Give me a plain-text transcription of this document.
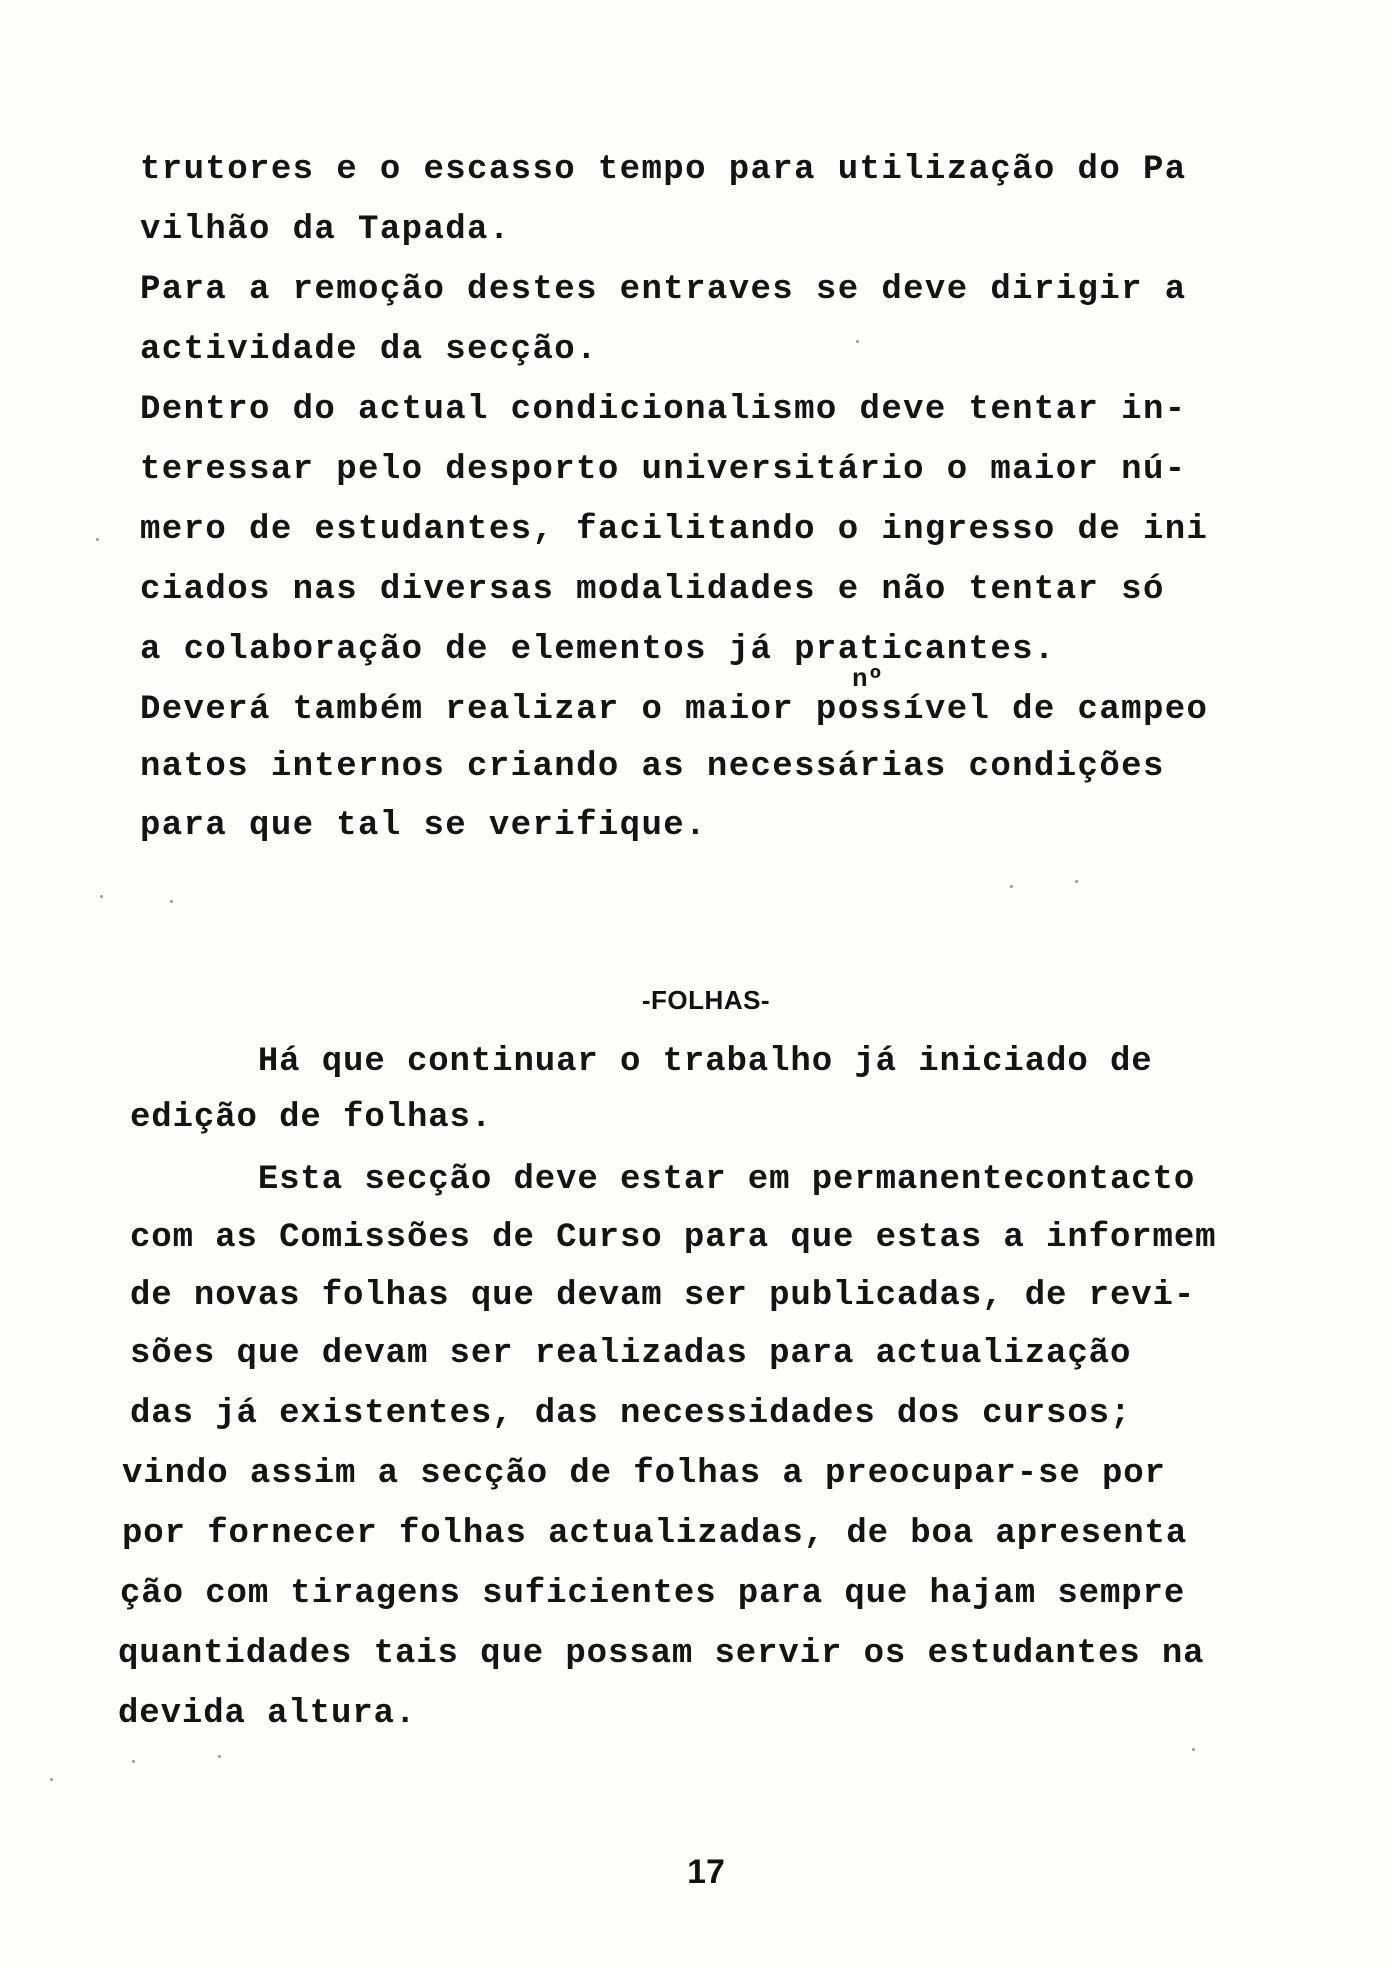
trutores e o escasso tempo para utilização do Pa

vilhão da Tapada.

Para a remoção destes entraves se deve dirigir a

actividade da secção.

Dentro do actual condicionalismo deve tentar in-

teressar pelo desporto universitário o maior nú-

mero de estudantes, facilitando o ingresso de ini

ciados nas diversas modalidades e não tentar só

a colaboração de elementos já praticantes.

nº

Deverá também realizar o maior possível de campeo

natos internos criando as necessárias condições

para que tal se verifique.

-FOLHAS-

Há que continuar o trabalho já iniciado de

edição de folhas.

Esta secção deve estar em permanentecontacto

com as Comissões de Curso para que estas a informem

de novas folhas que devam ser publicadas, de revi-

sões que devam ser realizadas para actualização

das já existentes, das necessidades dos cursos;

vindo assim a secção de folhas a preocupar-se por

por fornecer folhas actualizadas, de boa apresenta

ção com tiragens suficientes para que hajam sempre

quantidades tais que possam servir os estudantes na

devida altura.

17
